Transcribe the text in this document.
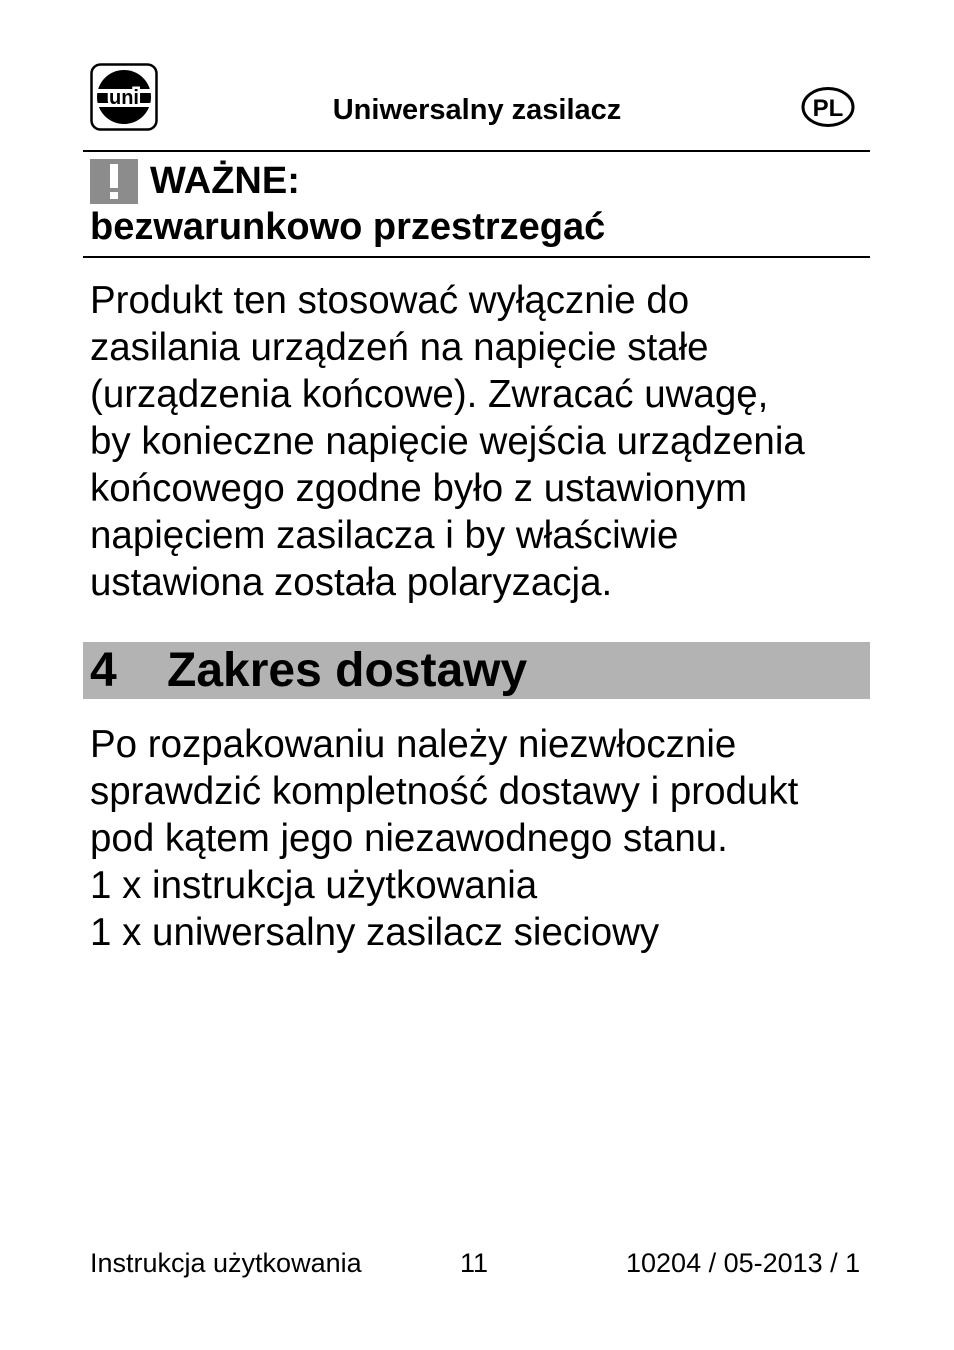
uni	Uniwersalny zasilacz	PL
WAŻNE:
bezwarunkowo przestrzegać
Produkt ten stosować wyłącznie do
zasilania urządzeń na napięcie stałe
(urządzenia końcowe). Zwracać uwagę,
by konieczne napięcie wejścia urządzenia
końcowego zgodne było z ustawionym
napięciem zasilacza i by właściwie
ustawiona została polaryzacja.
4 Zakres dostawy
Po rozpakowaniu należy niezwłocznie
sprawdzić kompletność dostawy i produkt
pod kątem jego niezawodnego stanu.
1 x instrukcja użytkowania
1 x uniwersalny zasilacz sieciowy
Instrukcja użytkowania	11	10204 / 05-2013 / 1
